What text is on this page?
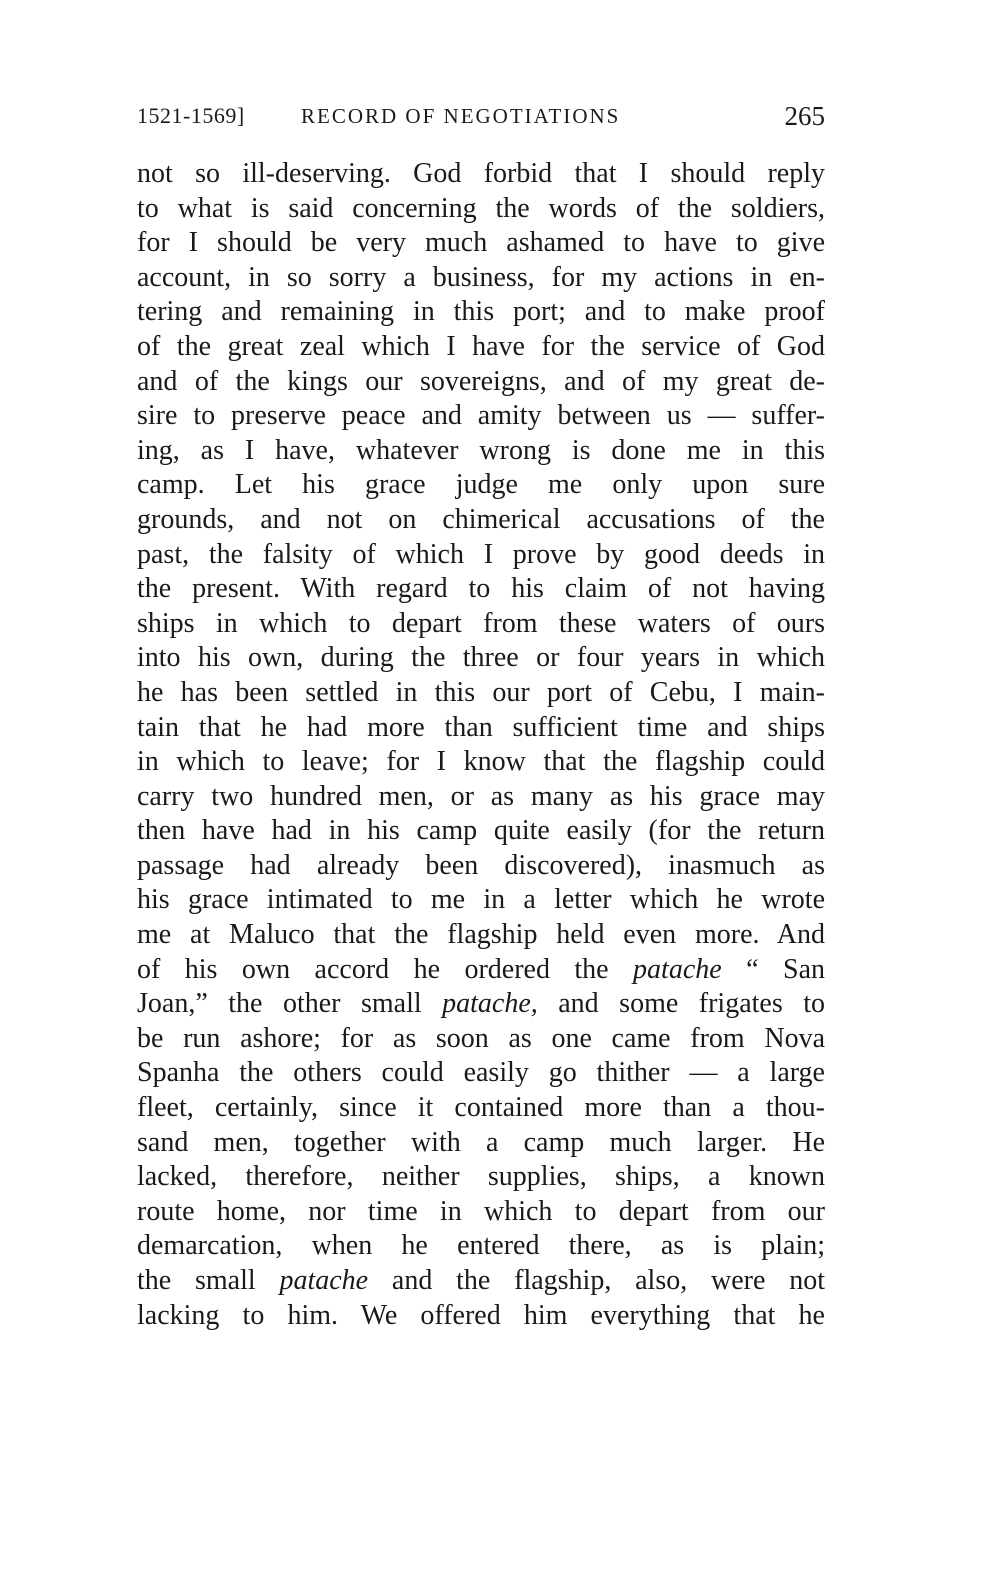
1521-1569]	RECORD OF NEGOTIATIONS	265
not so ill-deserving. God forbid that I should reply
to what is said concerning the words of the soldiers,
for I should be very much ashamed to have to give
account, in so sorry a business, for my actions in en-
tering and remaining in this port; and to make proof
of the great zeal which I have for the service of God
and of the kings our sovereigns, and of my great de-
sire to preserve peace and amity between us — suffer-
ing, as I have, whatever wrong is done me in this
camp. Let his grace judge me only upon sure
grounds, and not on chimerical accusations of the
past, the falsity of which I prove by good deeds in
the present. With regard to his claim of not having
ships in which to depart from these waters of ours
into his own, during the three or four years in which
he has been settled in this our port of Cebu, I main-
tain that he had more than sufficient time and ships
in which to leave; for I know that the flagship could
carry two hundred men, or as many as his grace may
then have had in his camp quite easily (for the return
passage had already been discovered), inasmuch as
his grace intimated to me in a letter which he wrote
me at Maluco that the flagship held even more. And
of his own accord he ordered the patache “ San
Joan,” the other small patache, and some frigates to
be run ashore; for as soon as one came from Nova
Spanha the others could easily go thither — a large
fleet, certainly, since it contained more than a thou-
sand men, together with a camp much larger. He
lacked, therefore, neither supplies, ships, a known
route home, nor time in which to depart from our
demarcation, when he entered there, as is plain;
the small patache and the flagship, also, were not
lacking to him. We offered him everything that he
